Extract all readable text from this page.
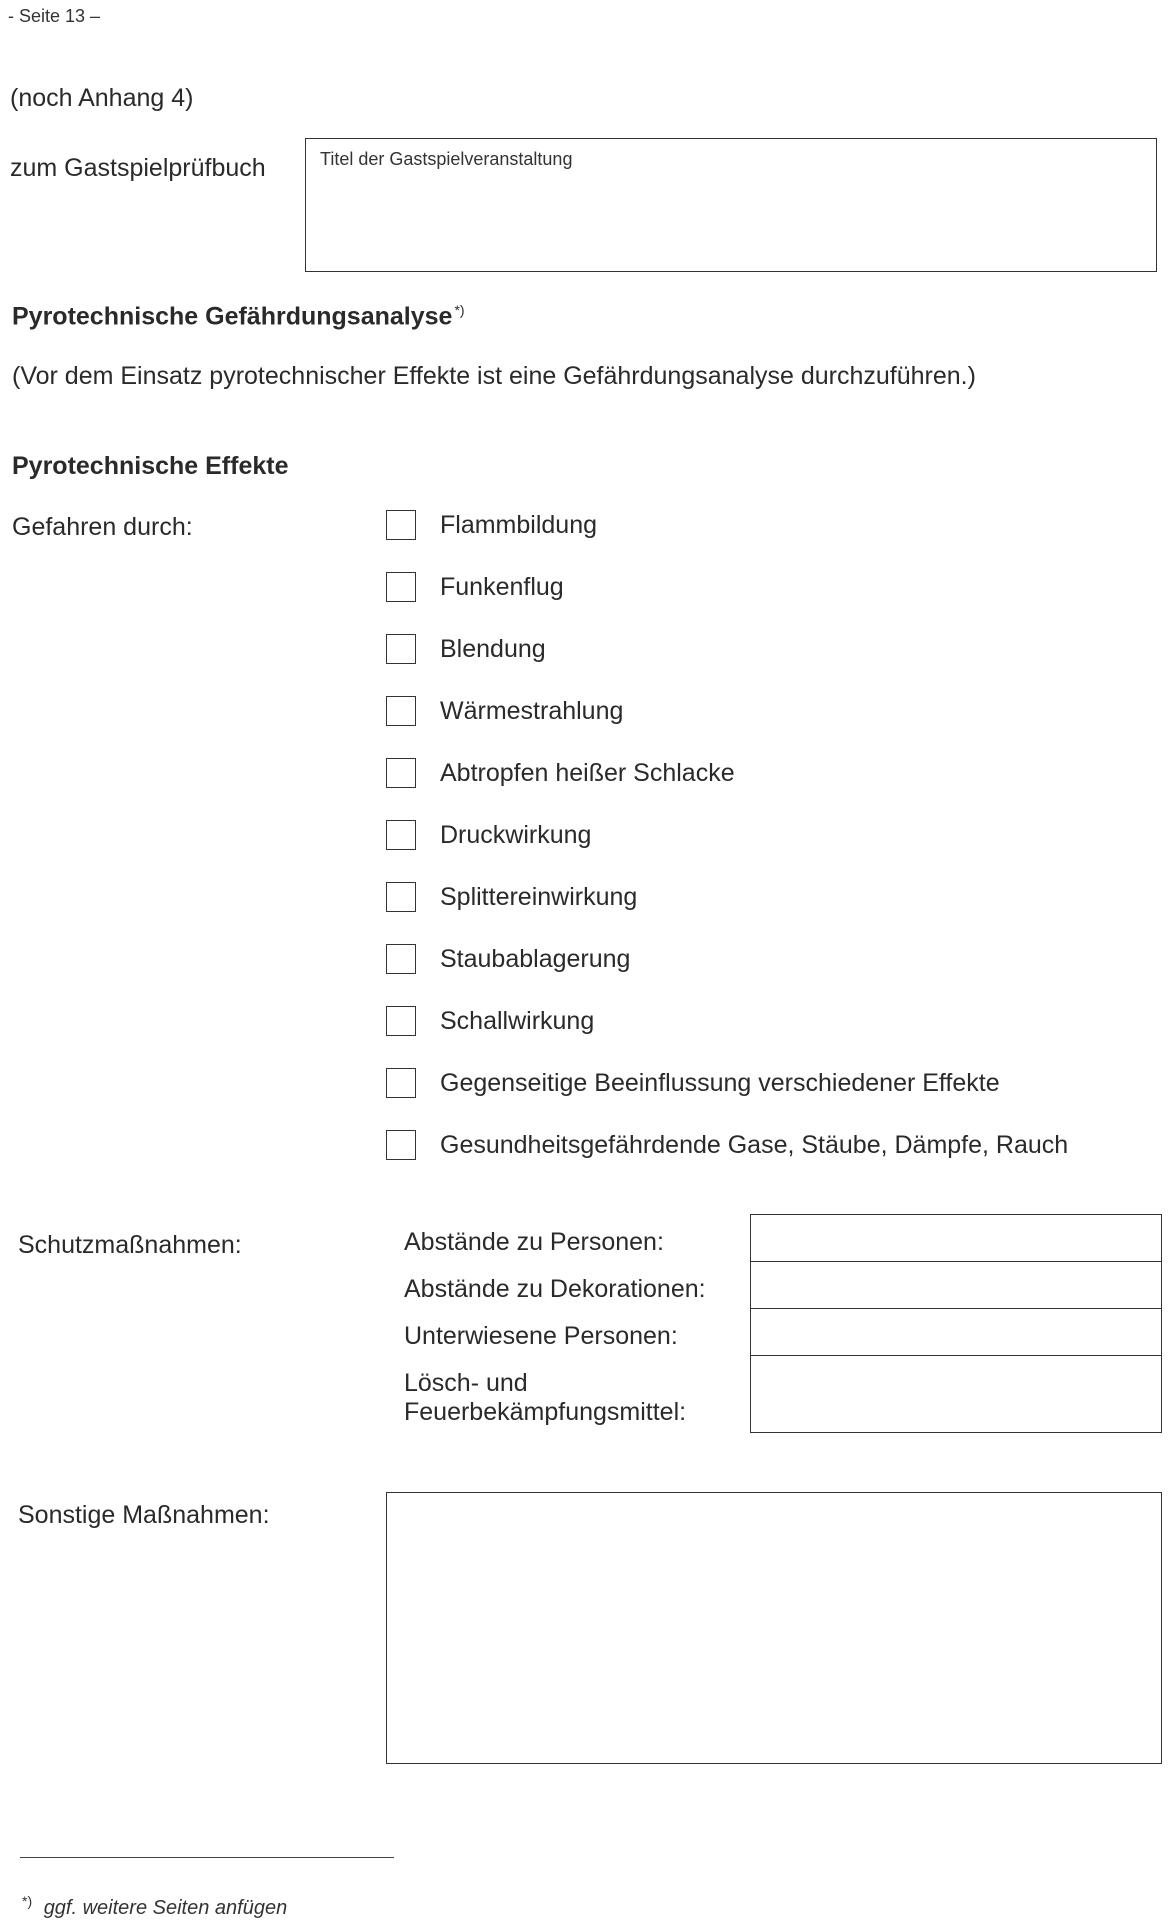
- Seite 13 –
(noch Anhang 4)
zum Gastspielprüfbuch	Titel der Gastspielveranstaltung
Pyrotechnische Gefährdungsanalyse *)
(Vor dem Einsatz pyrotechnischer Effekte ist eine Gefährdungsanalyse durchzuführen.)
Pyrotechnische Effekte
Gefahren durch:	Flammbildung
Funkenflug
Blendung
Wärmestrahlung
Abtropfen heißer Schlacke
Druckwirkung
Splittereinwirkung
Staubablagerung
Schallwirkung
Gegenseitige Beeinflussung verschiedener Effekte
Gesundheitsgefährdende Gase, Stäube, Dämpfe, Rauch
Schutzmaßnahmen:	Abstände zu Personen:
Abstände zu Dekorationen:
Unterwiesene Personen:
Lösch- und
Feuerbekämpfungsmittel:
Sonstige Maßnahmen:
*) ggf. weitere Seiten anfügen
